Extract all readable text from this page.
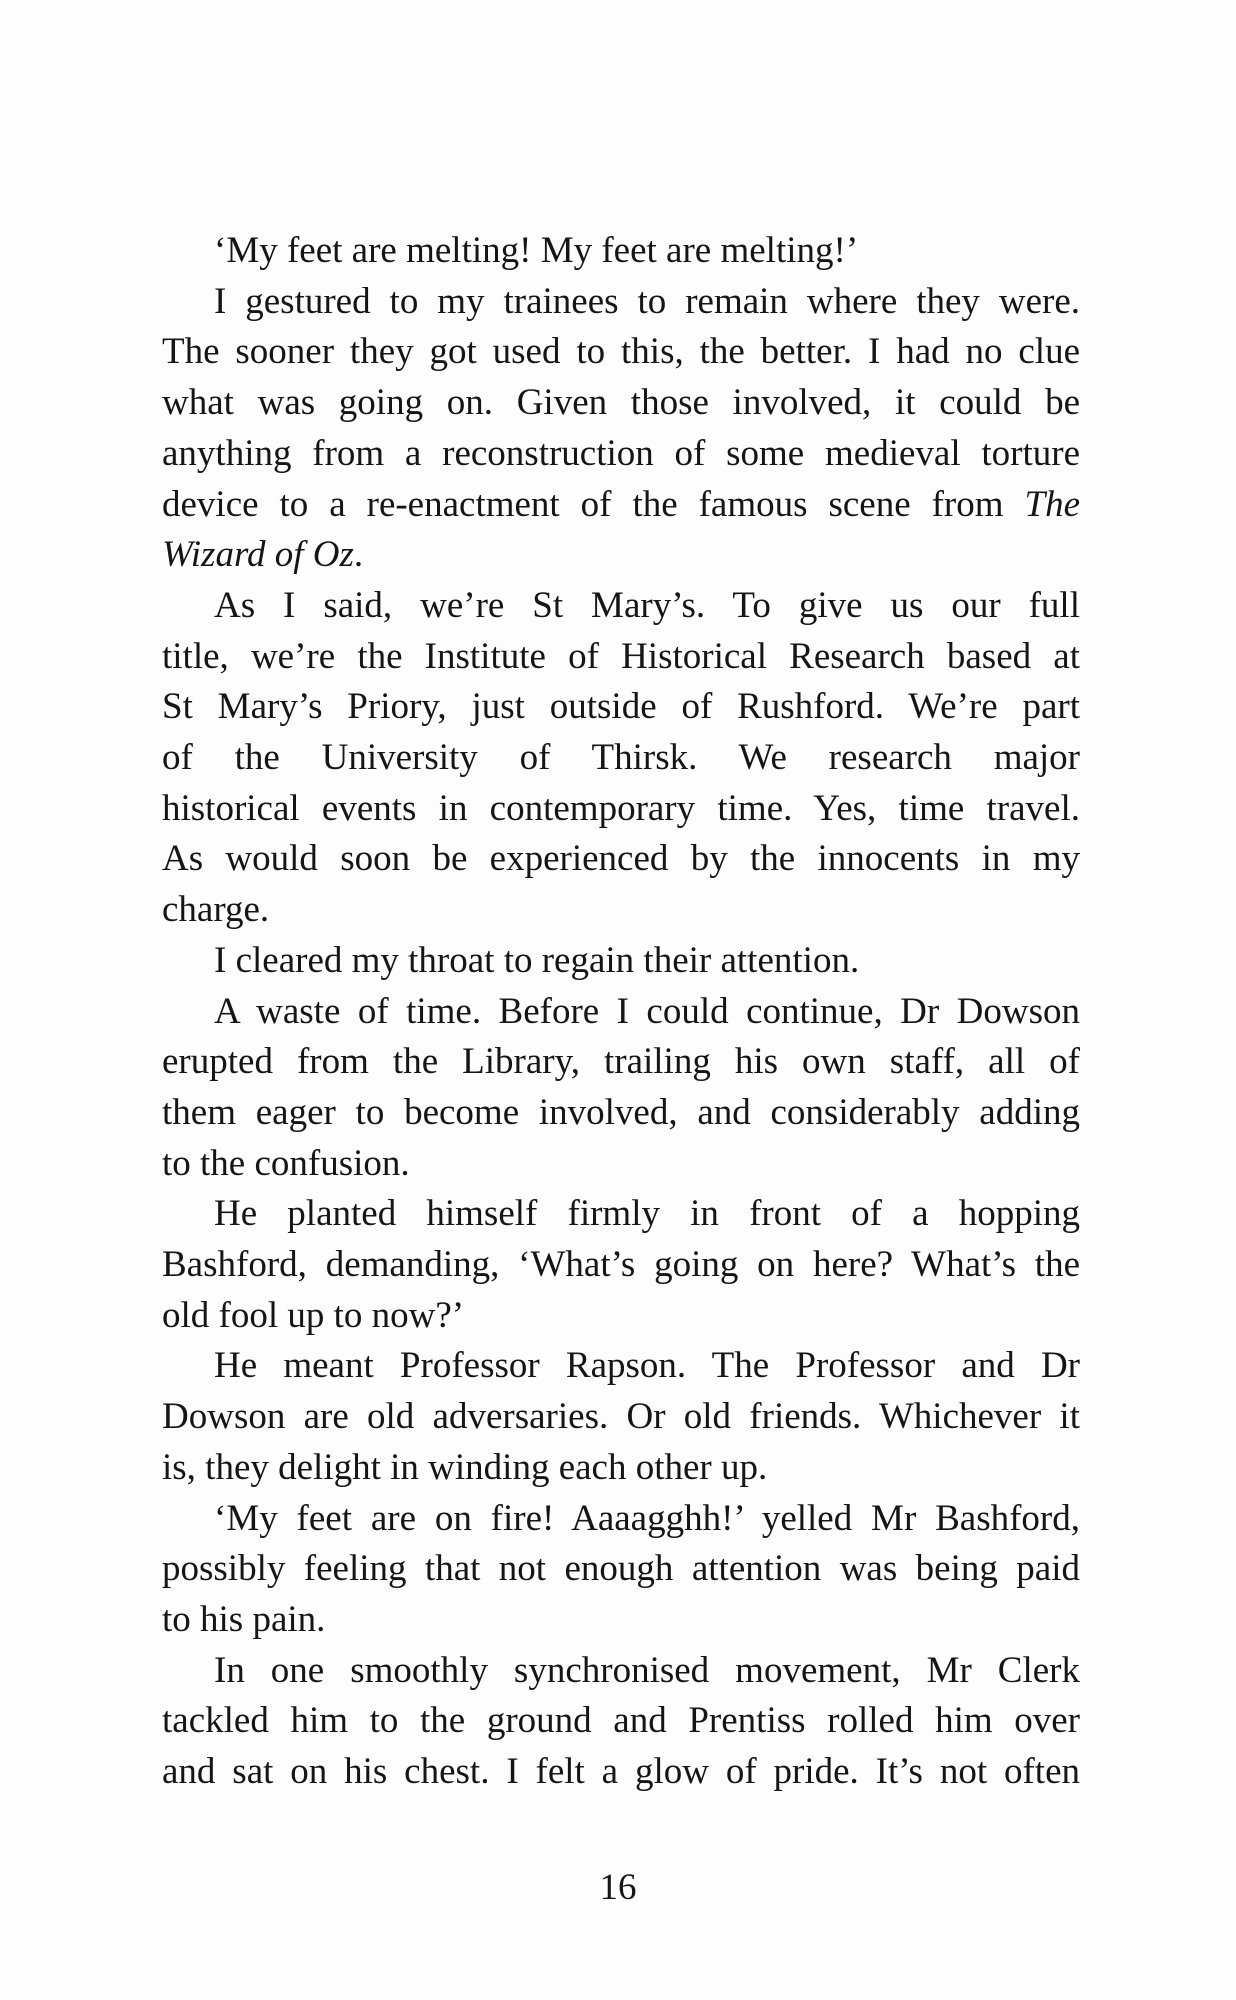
‘My feet are melting! My feet are melting!’

I gestured to my trainees to remain where they were.
The sooner they got used to this, the better. I had no clue
what was going on. Given those involved, it could be
anything from a reconstruction of some medieval torture
device to a re-enactment of the famous scene from The
Wizard of Oz.

As I said, we’re St Mary’s. To give us our full
title, we’re the Institute of Historical Research based at
St Mary’s Priory, just outside of Rushford. We’re part
of the University of Thirsk. We research major
historical events in contemporary time. Yes, time travel.
As would soon be experienced by the innocents in my
charge.

I cleared my throat to regain their attention.

A waste of time. Before I could continue, Dr Dowson
erupted from the Library, trailing his own staff, all of
them eager to become involved, and considerably adding
to the confusion.

He planted himself firmly in front of a hopping
Bashford, demanding, ‘What’s going on here? What’s the
old fool up to now?’

He meant Professor Rapson. The Professor and Dr
Dowson are old adversaries. Or old friends. Whichever it
is, they delight in winding each other up.

‘My feet are on fire! Aaaagghh!’ yelled Mr Bashford,
possibly feeling that not enough attention was being paid
to his pain.

In one smoothly synchronised movement, Mr Clerk
tackled him to the ground and Prentiss rolled him over
and sat on his chest. I felt a glow of pride. It’s not often

16
